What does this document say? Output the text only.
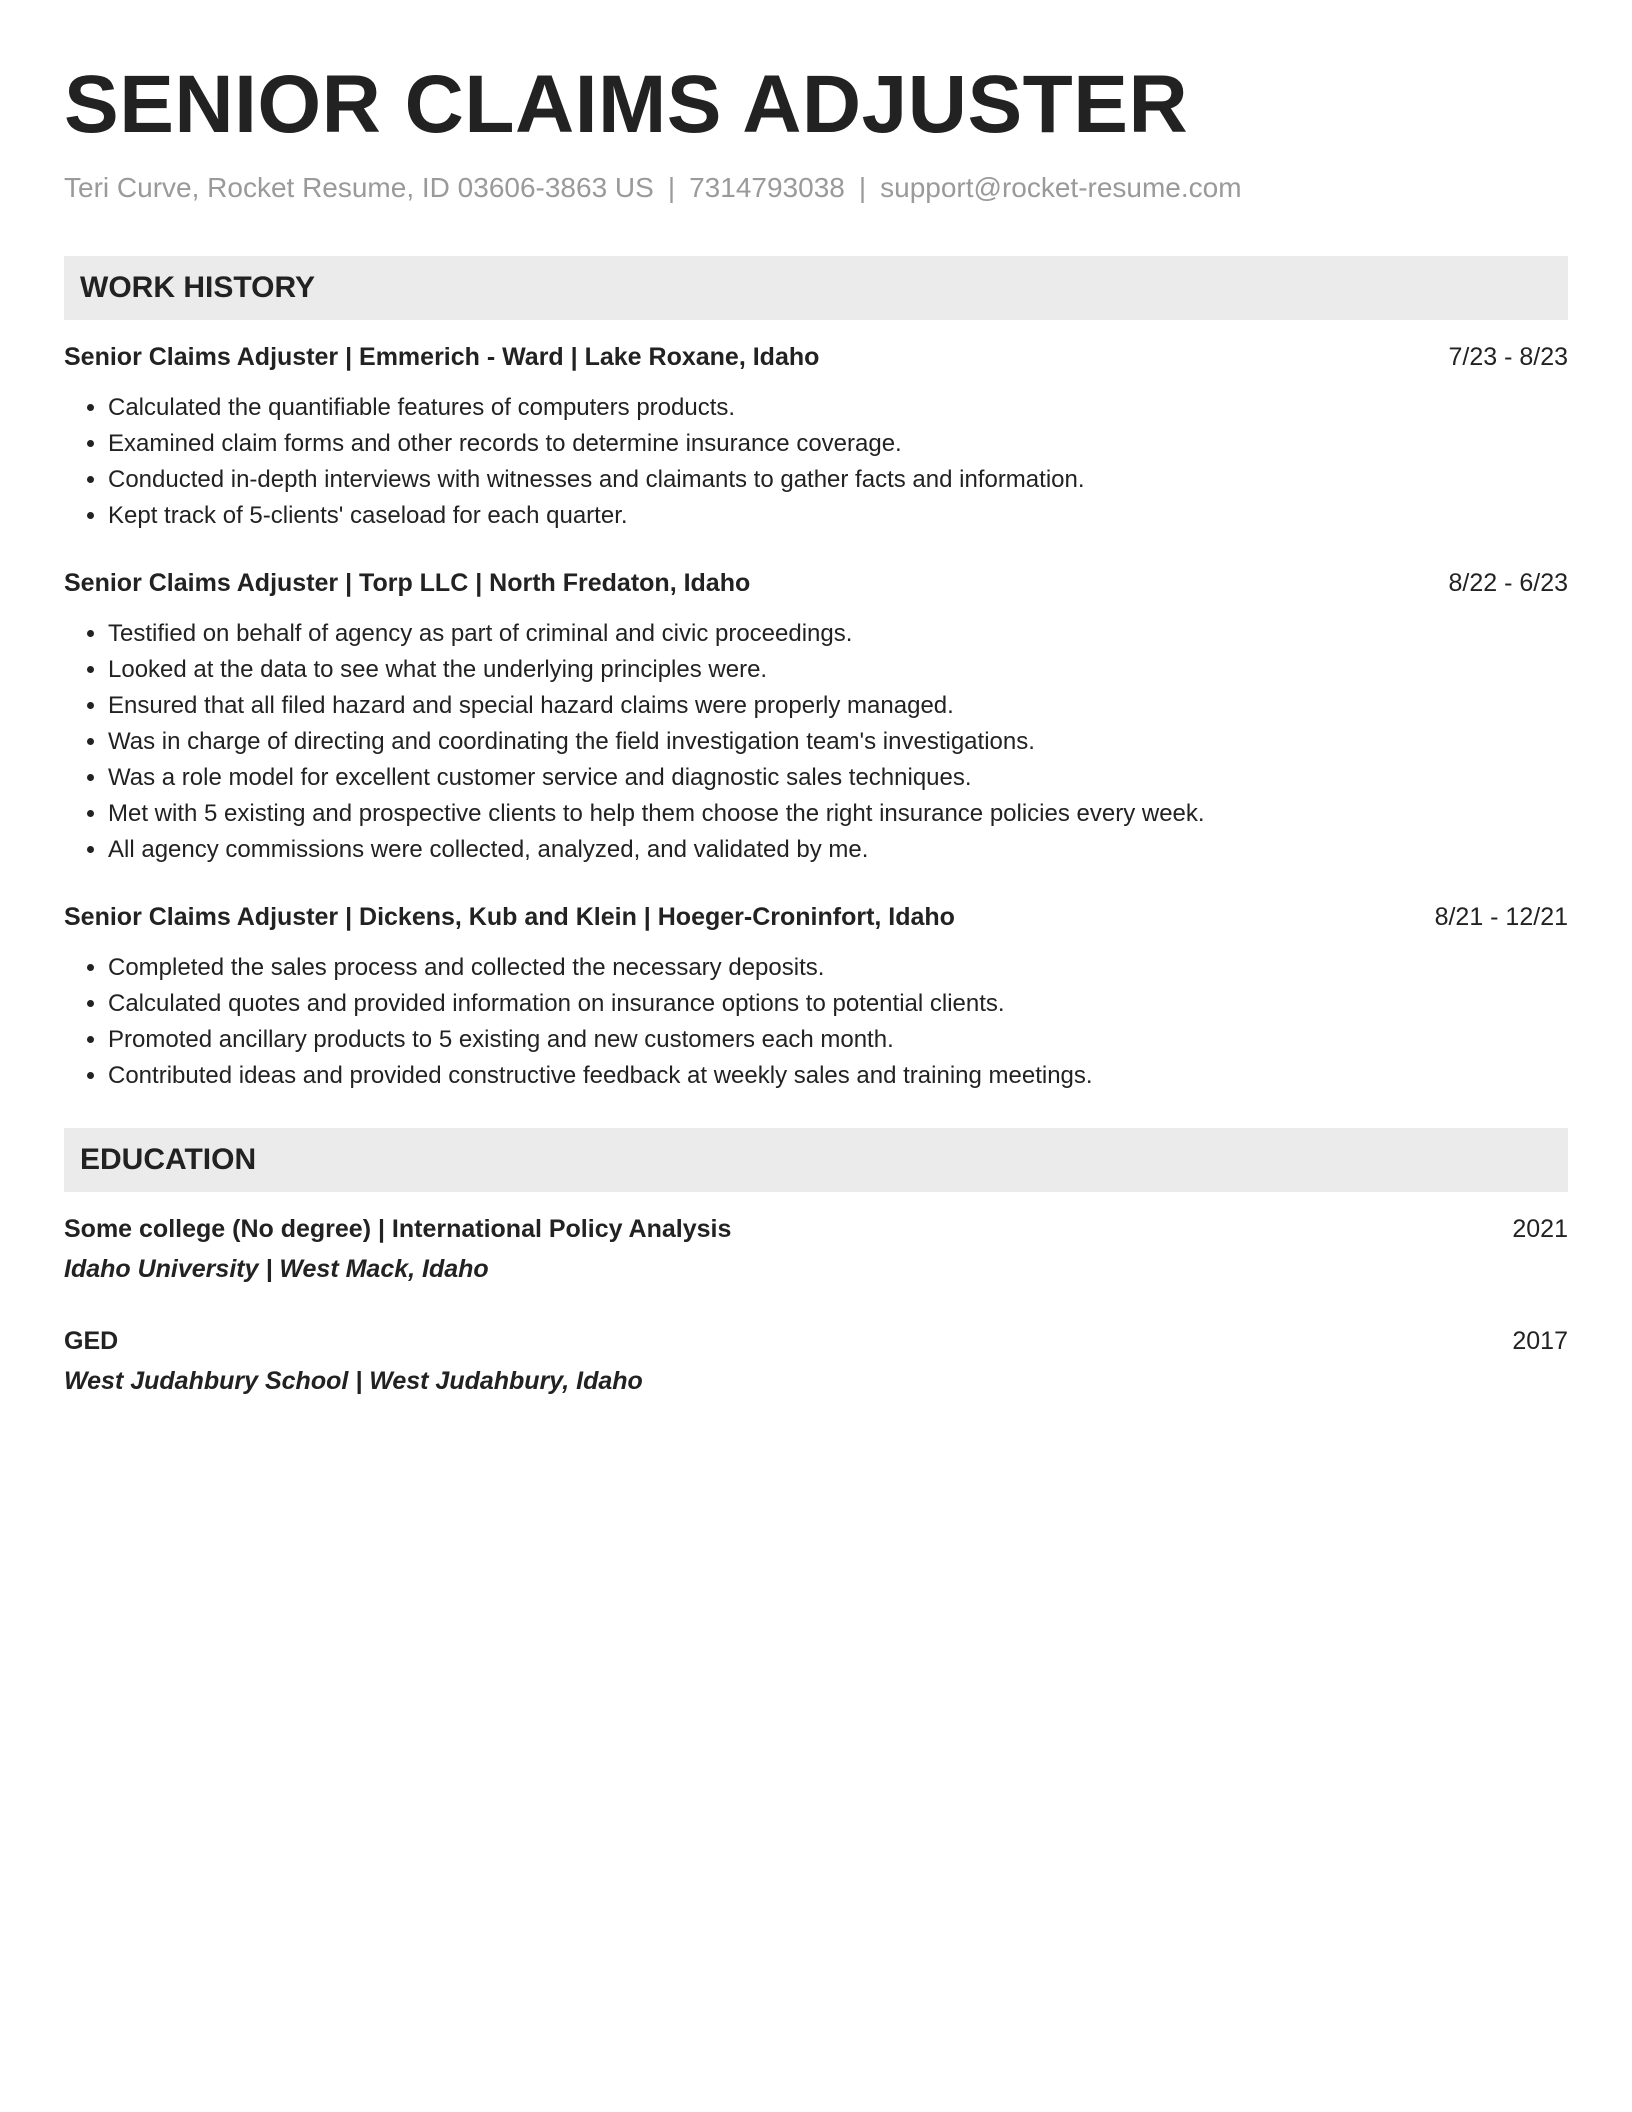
SENIOR CLAIMS ADJUSTER
Teri Curve, Rocket Resume, ID 03606-3863 US | 7314793038 | support@rocket-resume.com
WORK HISTORY
Senior Claims Adjuster | Emmerich - Ward | Lake Roxane, Idaho	7/23 - 8/23
• Calculated the quantifiable features of computers products.
• Examined claim forms and other records to determine insurance coverage.
• Conducted in-depth interviews with witnesses and claimants to gather facts and information.
• Kept track of 5-clients' caseload for each quarter.
Senior Claims Adjuster | Torp LLC | North Fredaton, Idaho	8/22 - 6/23
• Testified on behalf of agency as part of criminal and civic proceedings.
• Looked at the data to see what the underlying principles were.
• Ensured that all filed hazard and special hazard claims were properly managed.
• Was in charge of directing and coordinating the field investigation team's investigations.
• Was a role model for excellent customer service and diagnostic sales techniques.
• Met with 5 existing and prospective clients to help them choose the right insurance policies every week.
• All agency commissions were collected, analyzed, and validated by me.
Senior Claims Adjuster | Dickens, Kub and Klein | Hoeger-Croninfort, Idaho	8/21 - 12/21
• Completed the sales process and collected the necessary deposits.
• Calculated quotes and provided information on insurance options to potential clients.
• Promoted ancillary products to 5 existing and new customers each month.
• Contributed ideas and provided constructive feedback at weekly sales and training meetings.
EDUCATION
Some college (No degree) | International Policy Analysis	2021
Idaho University | West Mack, Idaho
GED	2017
West Judahbury School | West Judahbury, Idaho
